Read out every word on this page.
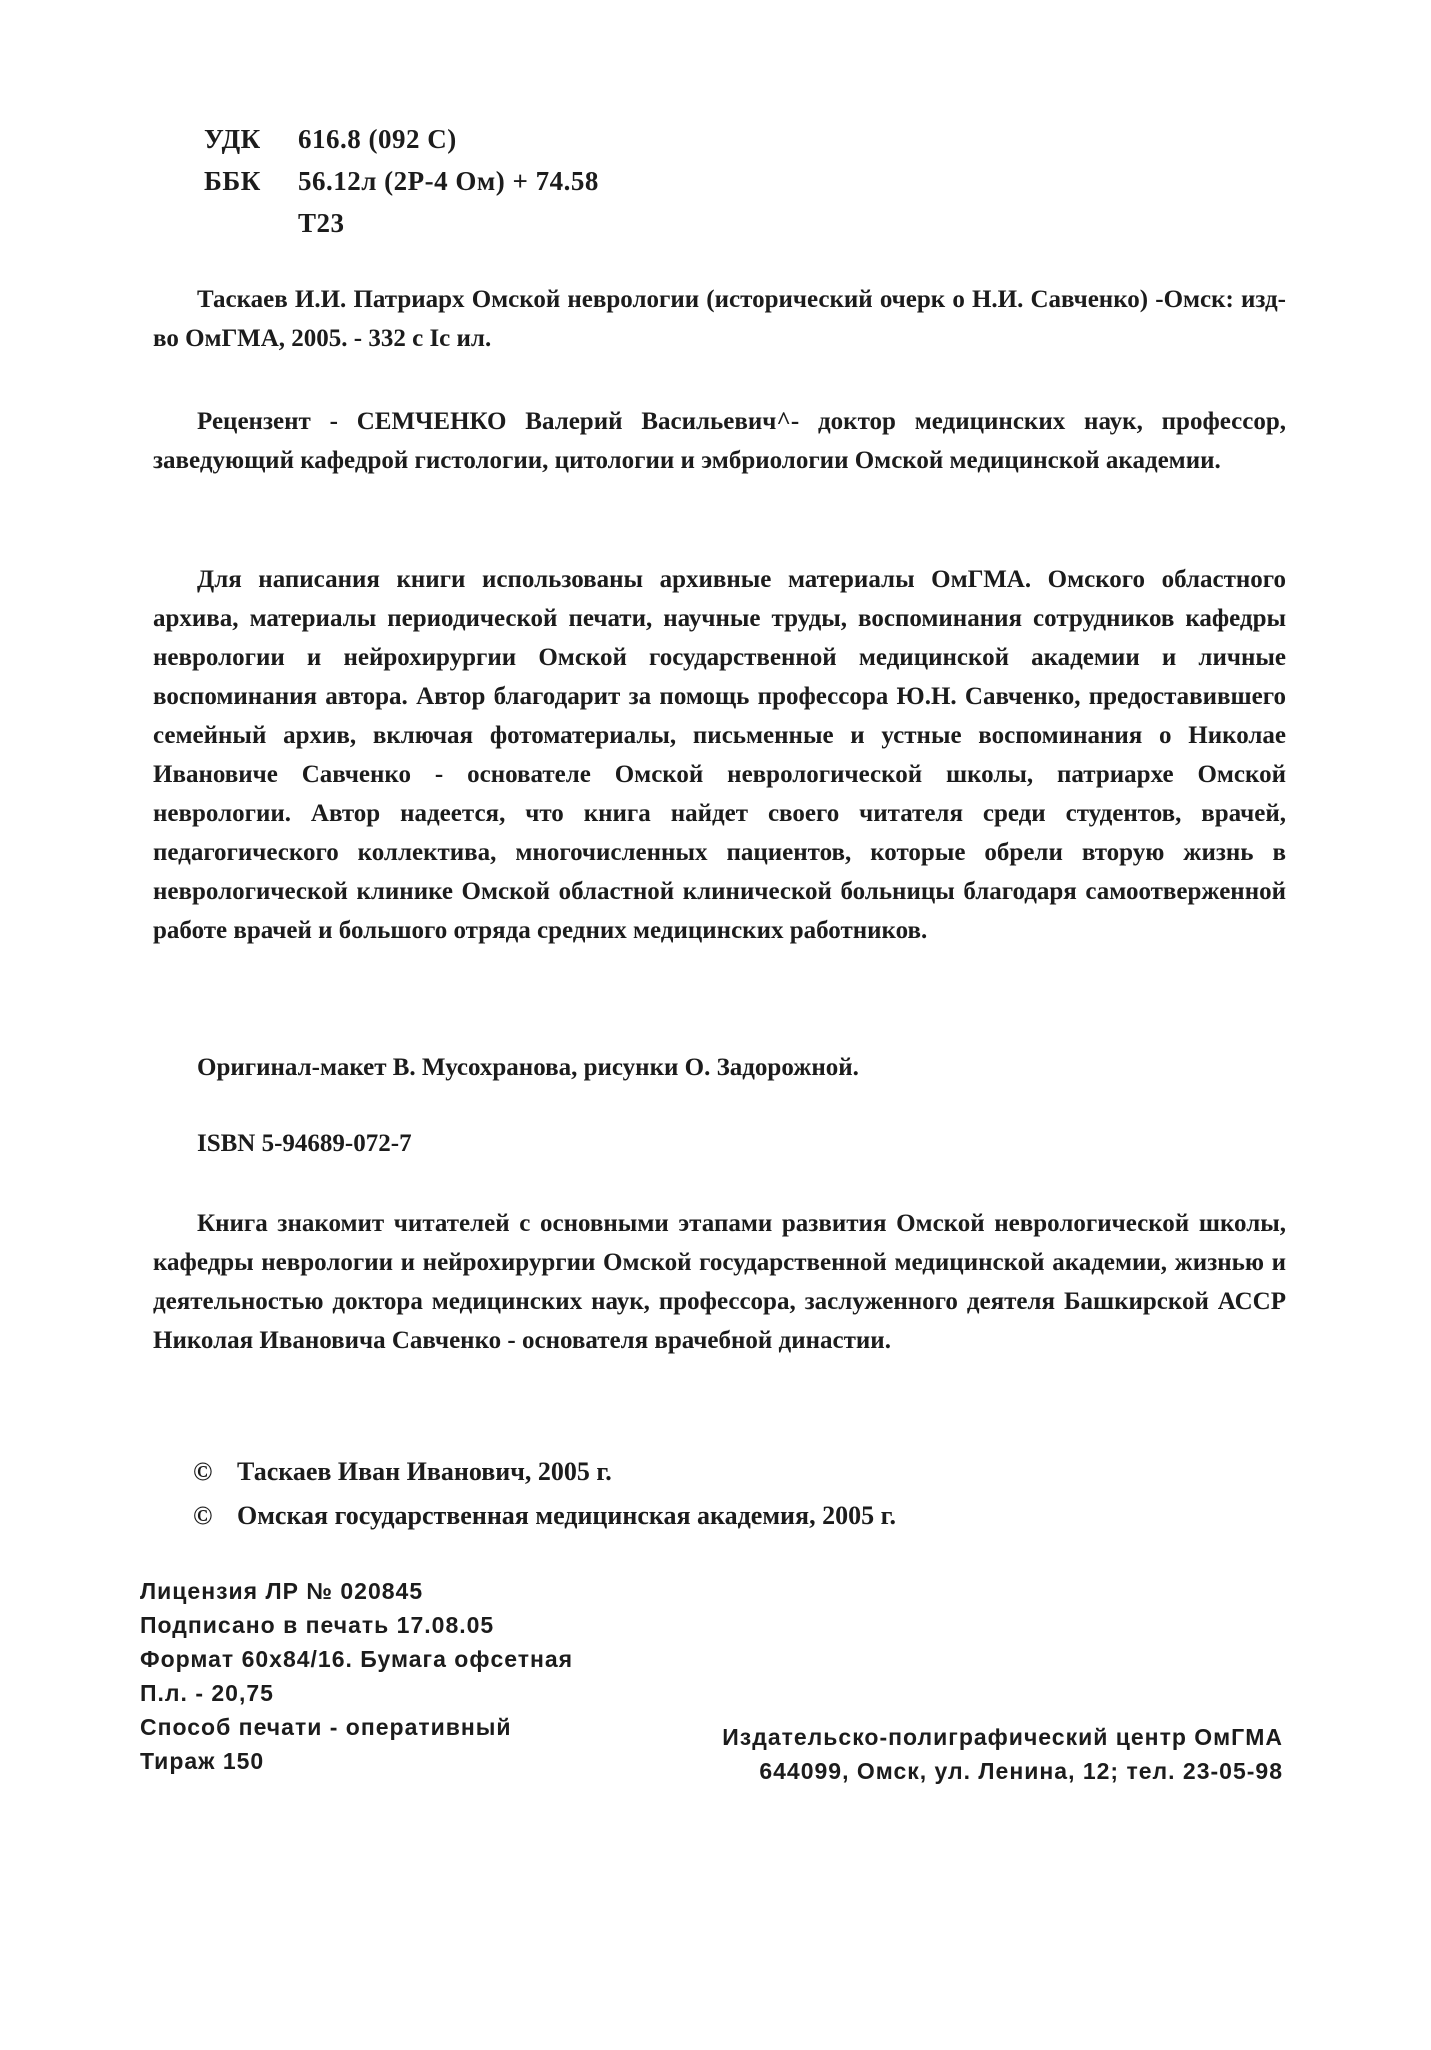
УДК	616.8 (092 С)
ББК	56.12л (2Р-4 Ом) + 74.58
Т23

Таскаев И.И. Патриарх Омской неврологии (исторический очерк о Н.И. Савченко) -Омск: изд-во ОмГМА, 2005. - 332 с Ic ил.

Рецензент - СЕМЧЕНКО Валерий Васильевич^- доктор медицинских наук, профессор, заведующий кафедрой гистологии, цитологии и эмбриологии Омской медицинской академии.

Для написания книги использованы архивные материалы ОмГМА. Омского областного архива, материалы периодической печати, научные труды, воспоминания сотрудников кафедры неврологии и нейрохирургии Омской государственной медицинской академии и личные воспоминания автора. Автор благодарит за помощь профессора Ю.Н. Савченко, предоставившего семейный архив, включая фотоматериалы, письменные и устные воспоминания о Николае Ивановиче Савченко - основателе Омской неврологической школы, патриархе Омской неврологии. Автор надеется, что книга найдет своего читателя среди студентов, врачей, педагогического коллектива, многочисленных пациентов, которые обрели вторую жизнь в неврологической клинике Омской областной клинической больницы благодаря самоотверженной работе врачей и большого отряда средних медицинских работников.

Оригинал-макет В. Мусохранова, рисунки О. Задорожной.

ISBN 5-94689-072-7

Книга знакомит читателей с основными этапами развития Омской неврологической школы, кафедры неврологии и нейрохирургии Омской государственной медицинской академии, жизнью и деятельностью доктора медицинских наук, профессора, заслуженного деятеля Башкирской АССР Николая Ивановича Савченко - основателя врачебной династии.

© Таскаев Иван Иванович, 2005 г.
© Омская государственная медицинская академия, 2005 г.
Лицензия ЛР № 020845
Подписано в печать 17.08.05
Формат 60х84/16. Бумага офсетная
П.л. - 20,75
Способ печати - оперативный
Тираж 150
Издательско-полиграфический центр ОмГМА
644099, Омск, ул. Ленина, 12; тел. 23-05-98
